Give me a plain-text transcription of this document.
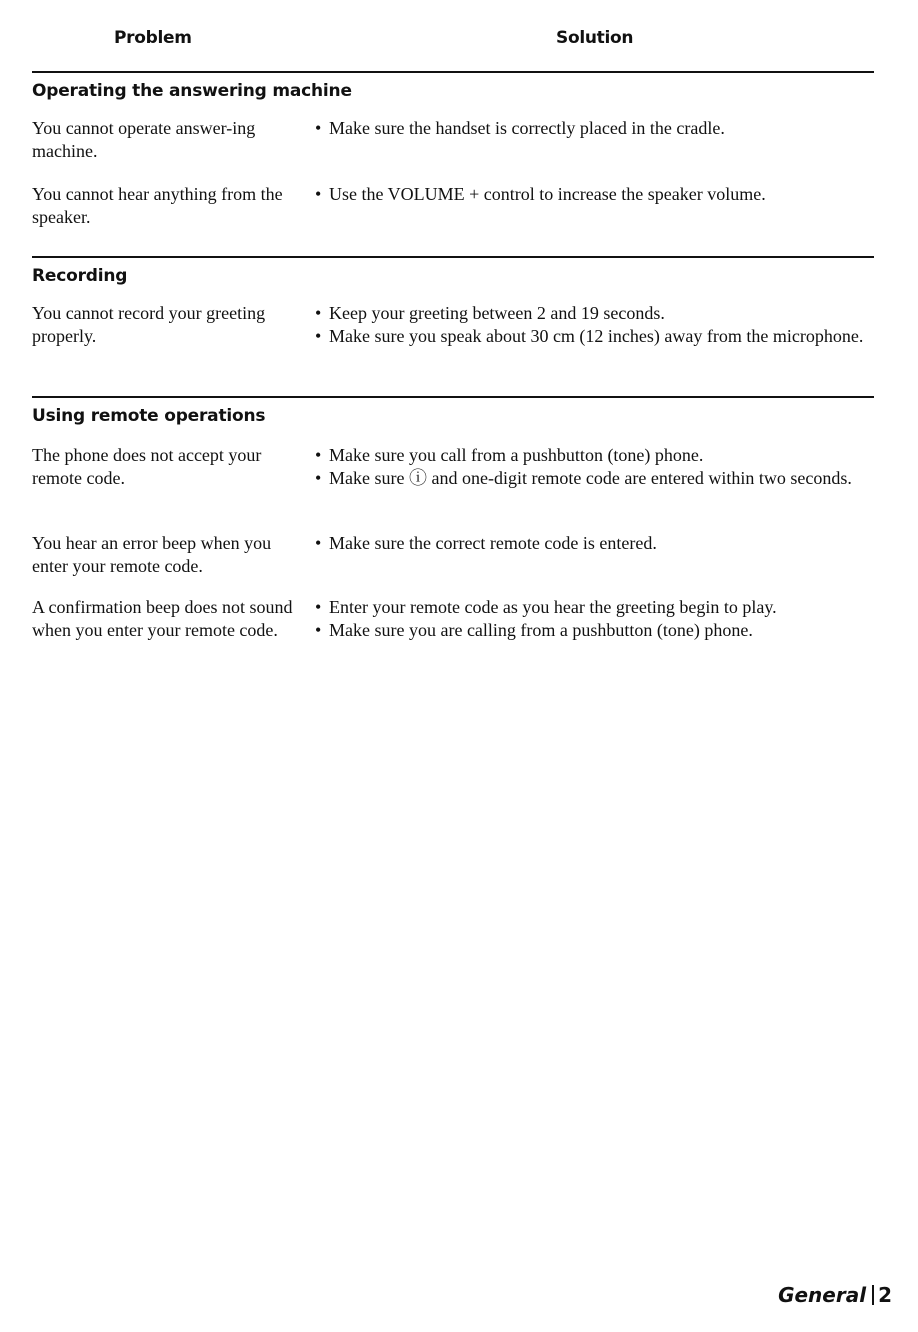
Problem	Solution
Operating the answering machine
You cannot operate answer-ing machine.
• Make sure the handset is correctly placed in the cradle.
You cannot hear anything from the speaker.
• Use the VOLUME + control to increase the speaker volume.
Recording
You cannot record your greeting properly.
• Keep your greeting between 2 and 19 seconds.
• Make sure you speak about 30 cm (12 inches) away from the microphone.
Using remote operations
The phone does not accept your remote code.
• Make sure you call from a pushbutton (tone) phone.
• Make sure ⓘ and one-digit remote code are entered within two seconds.
You hear an error beep when you enter your remote code.
• Make sure the correct remote code is entered.
A confirmation beep does not sound when you enter your remote code.
• Enter your remote code as you hear the greeting begin to play.
• Make sure you are calling from a pushbutton (tone) phone.
General 2
